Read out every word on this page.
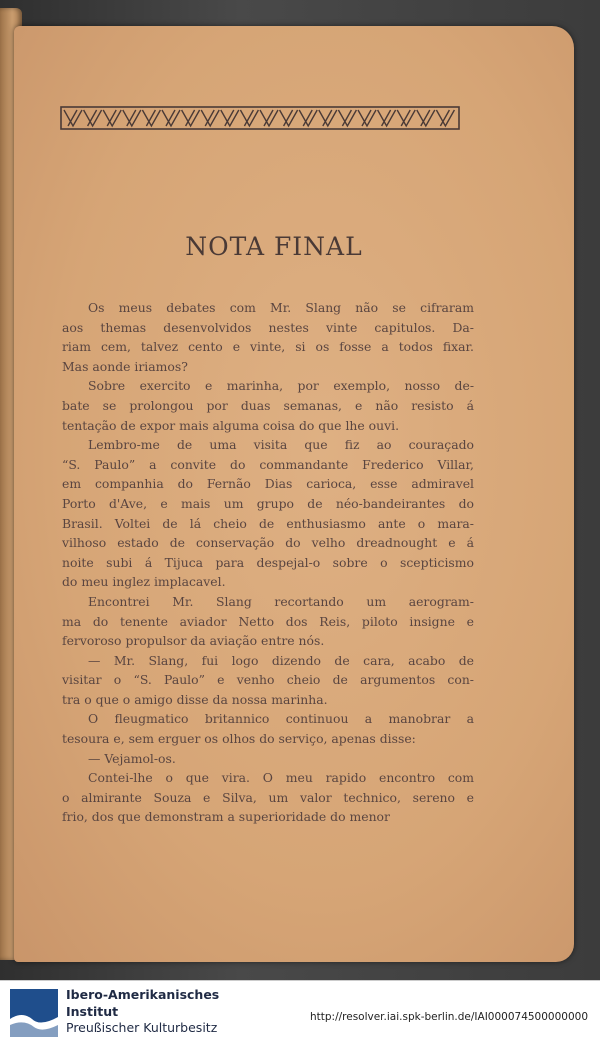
NOTA FINAL

Os meus debates com Mr. Slang não se cifraram

aos themas desenvolvidos nestes vinte capitulos. Da-

riam cem, talvez cento e vinte, si os fosse a todos fixar.

Mas aonde iriamos?

Sobre exercito e marinha, por exemplo, nosso de-

bate se prolongou por duas semanas, e não resisto á

tentação de expor mais alguma coisa do que lhe ouvi.

Lembro-me de uma visita que fiz ao couraçado

“S. Paulo” a convite do commandante Frederico Villar,

em companhia do Fernão Dias carioca, esse admiravel

Porto d'Ave, e mais um grupo de néo-bandeirantes do

Brasil. Voltei de lá cheio de enthusiasmo ante o mara-

vilhoso estado de conservação do velho dreadnought e á

noite subi á Tijuca para despejal-o sobre o scepticismo

do meu inglez implacavel.

Encontrei Mr. Slang recortando um aerogram-

ma do tenente aviador Netto dos Reis, piloto insigne e

fervoroso propulsor da aviação entre nós.

— Mr. Slang, fui logo dizendo de cara, acabo de

visitar o “S. Paulo” e venho cheio de argumentos con-

tra o que o amigo disse da nossa marinha.

O fleugmatico britannico continuou a manobrar a

tesoura e, sem erguer os olhos do serviço, apenas disse:

— Vejamol-os.

Contei-lhe o que vira. O meu rapido encontro com

o almirante Souza e Silva, um valor technico, sereno e

frio, dos que demonstram a superioridade do menor

Ibero-Amerikanisches
Institut
Preußischer Kulturbesitz
http://resolver.iai.spk-berlin.de/IAI000074500000000
